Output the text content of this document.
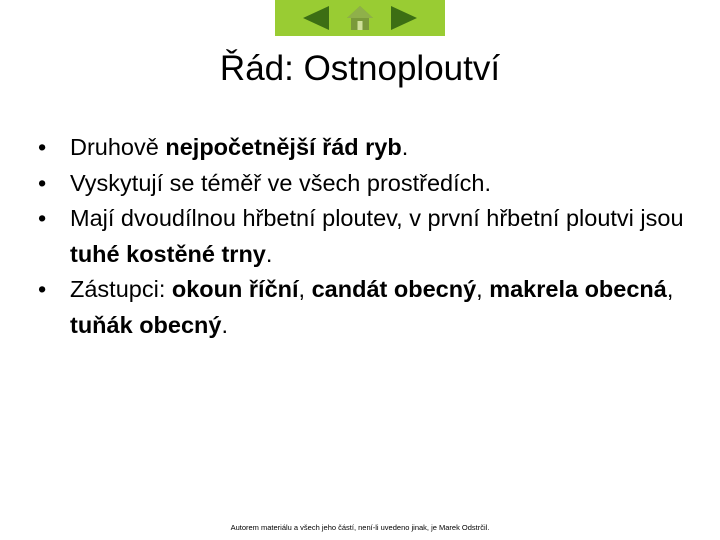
Řád: Ostnoploutví
• Druhově nejpočetnější řád ryb.
• Vyskytují se téměř ve všech prostředích.
• Mají dvoudílnou hřbetní ploutev, v první hřbetní ploutvi jsou tuhé kostěné trny.
• Zástupci: okoun říční, candát obecný, makrela obecná, tuňák obecný.
Autorem materiálu a všech jeho částí, není-li uvedeno jinak, je Marek Odstrčil.
